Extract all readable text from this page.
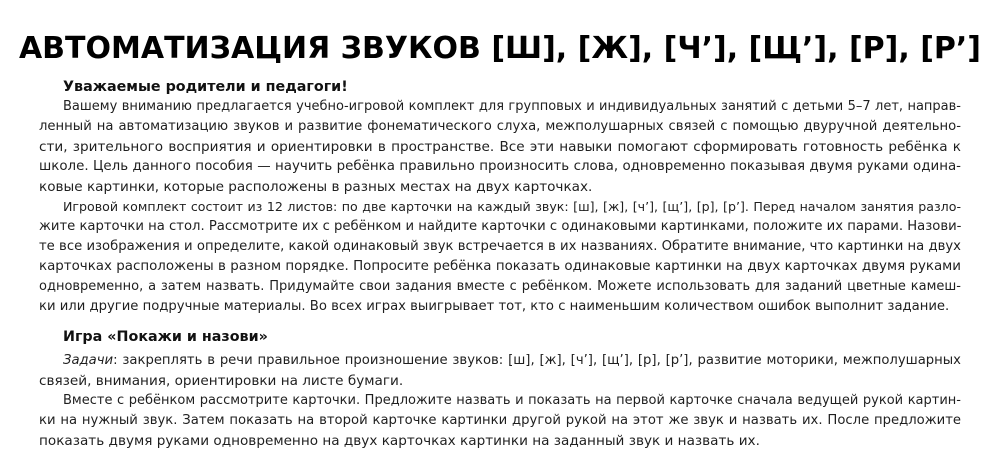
АВТОМАТИЗАЦИЯ ЗВУКОВ [Ш], [Ж], [Ч’], [Щ’], [Р], [Р’]
Уважаемые родители и педагоги!
Вашему вниманию предлагается учебно-игровой комплект для групповых и индивидуальных занятий с детьми 5–7 лет, направ-
ленный на автоматизацию звуков и развитие фонематического слуха, межполушарных связей с помощью двуручной деятельно-
сти, зрительного восприятия и ориентировки в пространстве. Все эти навыки помогают сформировать готовность ребёнка к
школе. Цель данного пособия — научить ребёнка правильно произносить слова, одновременно показывая двумя руками одина-
ковые картинки, которые расположены в разных местах на двух карточках.
Игровой комплект состоит из 12 листов: по две карточки на каждый звук: [ш], [ж], [ч’], [щ’], [р], [р’]. Перед началом занятия разло-
жите карточки на стол. Рассмотрите их с ребёнком и найдите карточки с одинаковыми картинками, положите их парами. Назови-
те все изображения и определите, какой одинаковый звук встречается в их названиях. Обратите внимание, что картинки на двух
карточках расположены в разном порядке. Попросите ребёнка показать одинаковые картинки на двух карточках двумя руками
одновременно, а затем назвать. Придумайте свои задания вместе с ребёнком. Можете использовать для заданий цветные камеш-
ки или другие подручные материалы. Во всех играх выигрывает тот, кто с наименьшим количеством ошибок выполнит задание.
Игра «Покажи и назови»
Задачи: закреплять в речи правильное произношение звуков: [ш], [ж], [ч’], [щ’], [р], [р’], развитие моторики, межполушарных
связей, внимания, ориентировки на листе бумаги.
Вместе с ребёнком рассмотрите карточки. Предложите назвать и показать на первой карточке сначала ведущей рукой картин-
ки на нужный звук. Затем показать на второй карточке картинки другой рукой на этот же звук и назвать их. После предложите
показать двумя руками одновременно на двух карточках картинки на заданный звук и назвать их.
